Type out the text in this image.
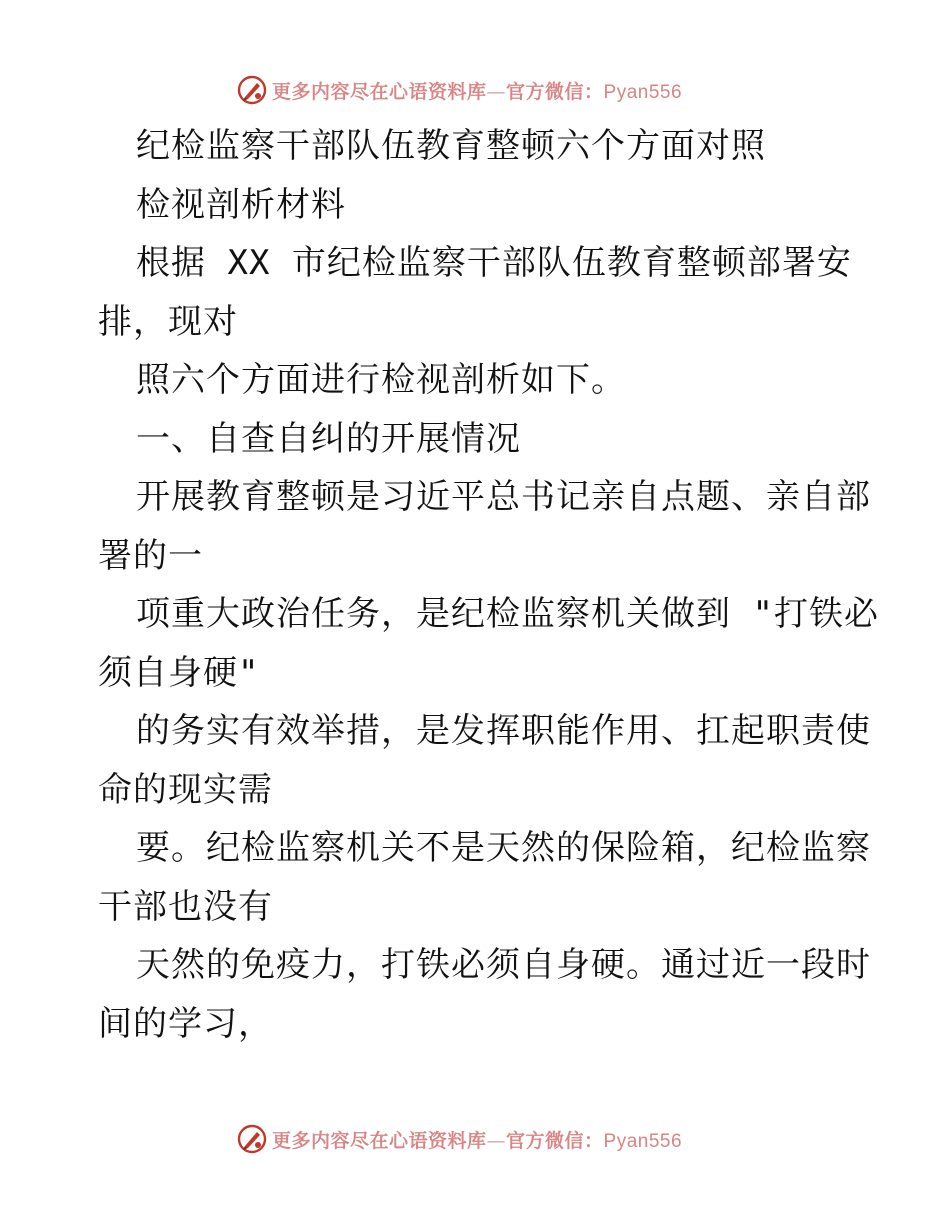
更多内容尽在心语资料库—官方微信：Pyan556
纪检监察干部队伍教育整顿六个方面对照
检视剖析材料
根据 XX 市纪检监察干部队伍教育整顿部署安
排，现对
照六个方面进行检视剖析如下。
一、自查自纠的开展情况
开展教育整顿是习近平总书记亲自点题、亲自部
署的一
项重大政治任务，是纪检监察机关做到 "打铁必
须自身硬"
的务实有效举措，是发挥职能作用、扛起职责使
命的现实需
要。纪检监察机关不是天然的保险箱，纪检监察
干部也没有
天然的免疫力，打铁必须自身硬。通过近一段时
间的学习，
更多内容尽在心语资料库—官方微信：Pyan556
